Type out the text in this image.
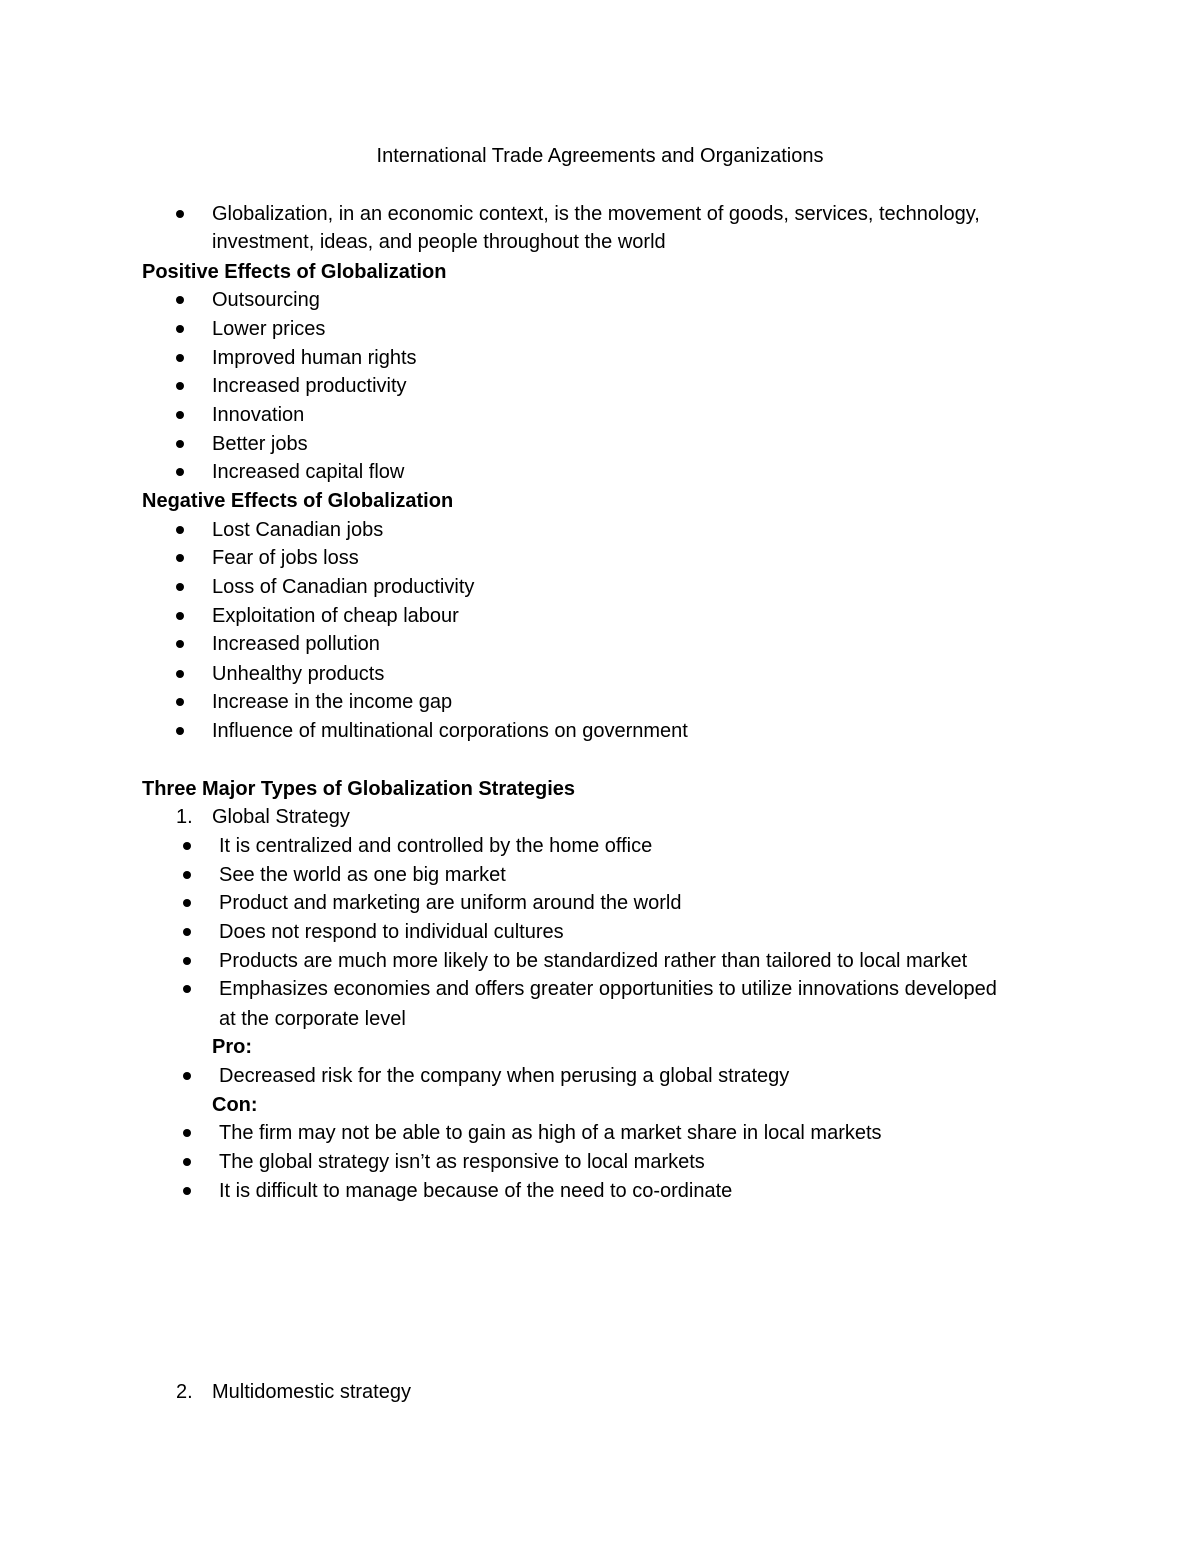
International Trade Agreements and Organizations
Globalization, in an economic context, is the movement of goods, services, technology,
investment, ideas, and people throughout the world
Positive Effects of Globalization
Outsourcing
Lower prices
Improved human rights
Increased productivity
Innovation
Better jobs
Increased capital flow
Negative Effects of Globalization
Lost Canadian jobs
Fear of jobs loss
Loss of Canadian productivity
Exploitation of cheap labour
Increased pollution
Unhealthy products
Increase in the income gap
Influence of multinational corporations on government
Three Major Types of Globalization Strategies
1. Global Strategy
It is centralized and controlled by the home office
See the world as one big market
Product and marketing are uniform around the world
Does not respond to individual cultures
Products are much more likely to be standardized rather than tailored to local market
Emphasizes economies and offers greater opportunities to utilize innovations developed
at the corporate level
Pro:
Decreased risk for the company when perusing a global strategy
Con:
The firm may not be able to gain as high of a market share in local markets
The global strategy isn’t as responsive to local markets
It is difficult to manage because of the need to co-ordinate
2. Multidomestic strategy
